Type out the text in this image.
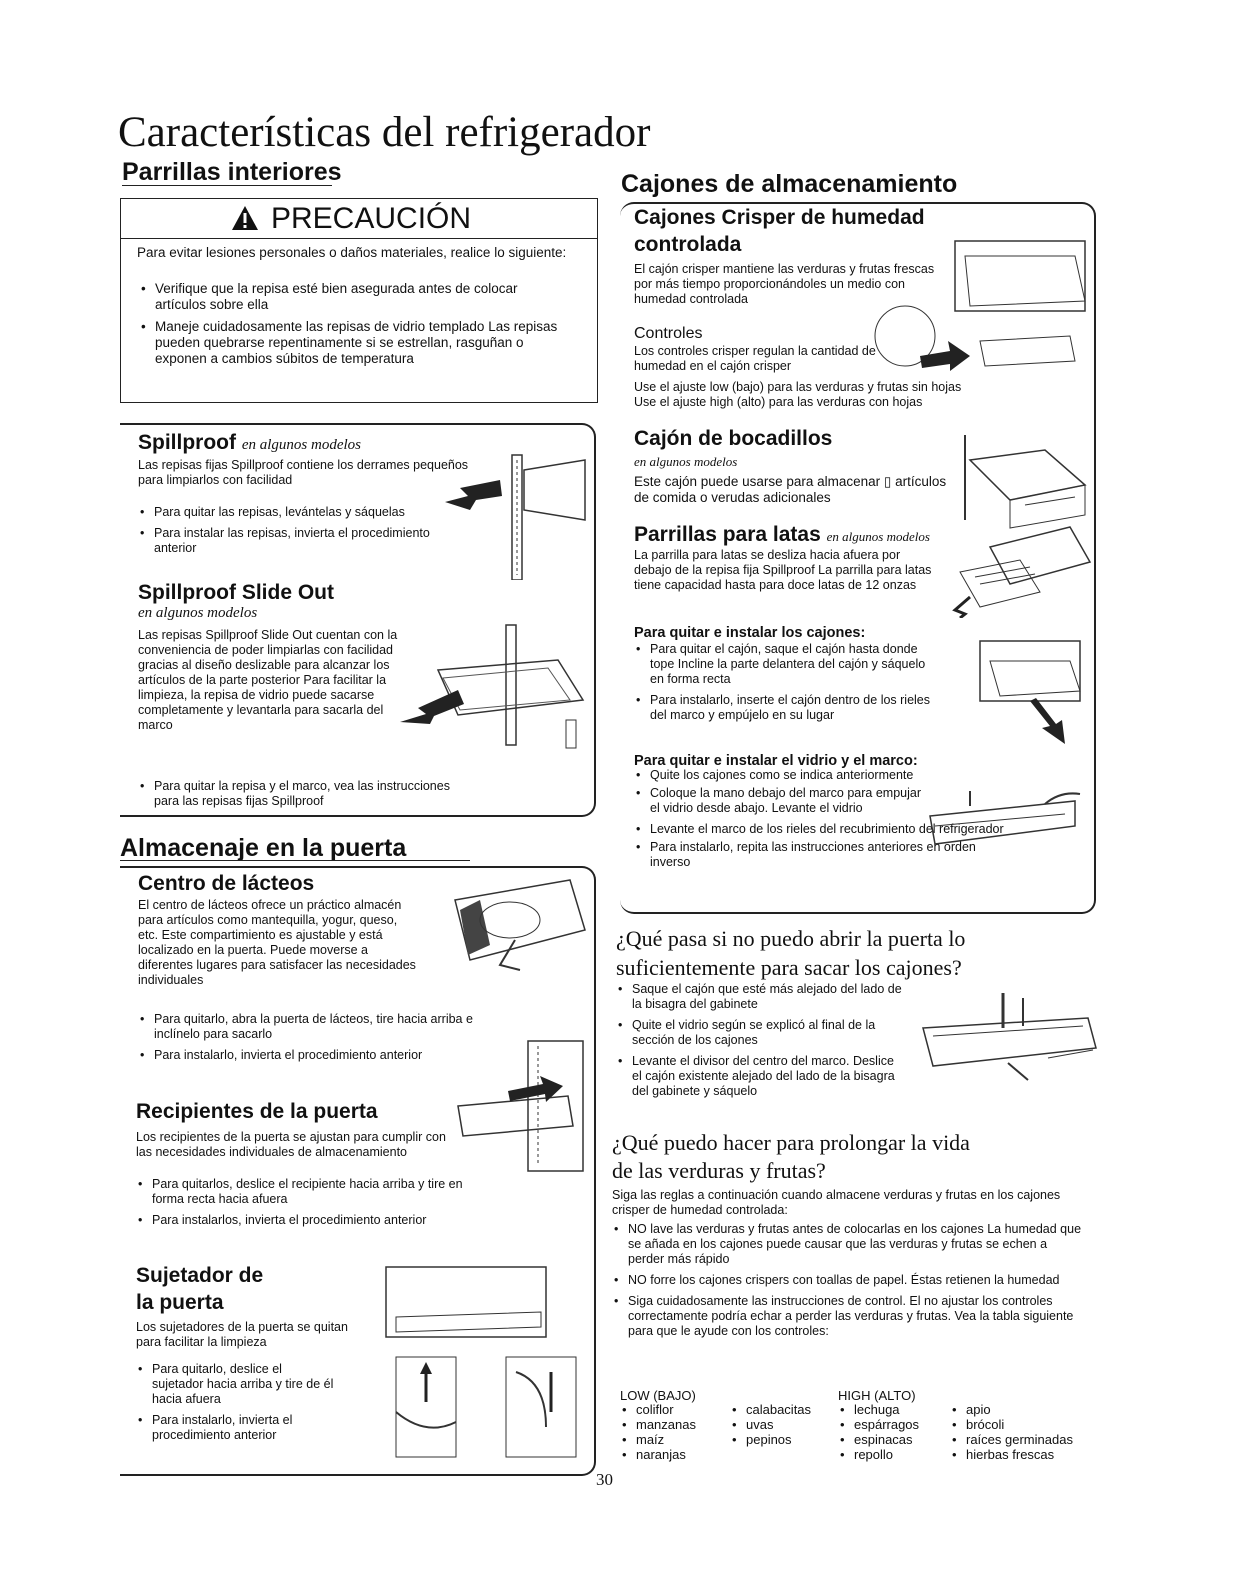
Características del refrigerador
Parrillas interiores
PRECAUCIÓN
Para evitar lesiones personales o daños materiales, realice lo siguiente:
• Verifique que la repisa esté bien asegurada antes de colocar artículos sobre ella
• Maneje cuidadosamente las repisas de vidrio templado Las repisas pueden quebrarse repentinamente si se estrellan, rasguñan o exponen a cambios súbitos de temperatura
Spillproof en algunos modelos
Las repisas fijas Spillproof contiene los derrames pequeños para limpiarlos con facilidad
• Para quitar las repisas, levántelas y sáquelas
• Para instalar las repisas, invierta el procedimiento anterior
Spillproof Slide Out
en algunos modelos
Las repisas Spillproof Slide Out cuentan con la conveniencia de poder limpiarlas con facilidad gracias al diseño deslizable para alcanzar los artículos de la parte posterior Para facilitar la limpieza, la repisa de vidrio puede sacarse completamente y levantarla para sacarla del marco
• Para quitar la repisa y el marco, vea las instrucciones para las repisas fijas Spillproof
Almacenaje en la puerta
Centro de lácteos
El centro de lácteos ofrece un práctico almacén para artículos como mantequilla, yogur, queso, etc. Este compartimiento es ajustable y está localizado en la puerta. Puede moverse a diferentes lugares para satisfacer las necesidades individuales
• Para quitarlo, abra la puerta de lácteos, tire hacia arriba e inclínelo para sacarlo
• Para instalarlo, invierta el procedimiento anterior
Recipientes de la puerta
Los recipientes de la puerta se ajustan para cumplir con las necesidades individuales de almacenamiento
• Para quitarlos, deslice el recipiente hacia arriba y tire en forma recta hacia afuera
• Para instalarlos, invierta el procedimiento anterior
Sujetador de
la puerta
Los sujetadores de la puerta se quitan para facilitar la limpieza
• Para quitarlo, deslice el sujetador hacia arriba y tire de él hacia afuera
• Para instalarlo, invierta el procedimiento anterior
Cajones de almacenamiento
Cajones Crisper de humedad
controlada
El cajón crisper mantiene las verduras y frutas frescas por más tiempo proporcionándoles un medio con humedad controlada
Controles
Los controles crisper regulan la cantidad de humedad en el cajón crisper
Use el ajuste low (bajo) para las verduras y frutas sin hojas
Use el ajuste high (alto) para las verduras con hojas
Cajón de bocadillos
en algunos modelos
Este cajón puede usarse para almacenar ▯ artículos de comida o verudas adicionales
Parrillas para latas en algunos modelos
La parrilla para latas se desliza hacia afuera por debajo de la repisa fija Spillproof La parrilla para latas tiene capacidad hasta para doce latas de 12 onzas
Para quitar e instalar los cajones:
• Para quitar el cajón, saque el cajón hasta donde tope Incline la parte delantera del cajón y sáquelo en forma recta
• Para instalarlo, inserte el cajón dentro de los rieles del marco y empújelo en su lugar
Para quitar e instalar el vidrio y el marco:
• Quite los cajones como se indica anteriormente
• Coloque la mano debajo del marco para empujar el vidrio desde abajo. Levante el vidrio
• Levante el marco de los rieles del recubrimiento del refrigerador
• Para instalarlo, repita las instrucciones anteriores en orden inverso
¿Qué pasa si no puedo abrir la puerta lo
suficientemente para sacar los cajones?
• Saque el cajón que esté más alejado del lado de la bisagra del gabinete
• Quite el vidrio según se explicó al final de la sección de los cajones
• Levante el divisor del centro del marco. Deslice el cajón existente alejado del lado de la bisagra del gabinete y sáquelo
¿Qué puedo hacer para prolongar la vida
de las verduras y frutas?
Siga las reglas a continuación cuando almacene verduras y frutas en los cajones crisper de humedad controlada:
• NO lave las verduras y frutas antes de colocarlas en los cajones La humedad que se añada en los cajones puede causar que las verduras y frutas se echen a perder más rápido
• NO forre los cajones crispers con toallas de papel. Éstas retienen la humedad
• Siga cuidadosamente las instrucciones de control. El no ajustar los controles correctamente podría echar a perder las verduras y frutas. Vea la tabla siguiente para que le ayude con los controles:
LOW (BAJO)	HIGH (ALTO)
• coliflor
• manzanas
• maíz
• naranjas
• calabacitas
• uvas
• pepinos
• lechuga
• espárragos
• espinacas
• repollo
• apio
• brócoli
• raíces germinadas
• hierbas frescas
30
